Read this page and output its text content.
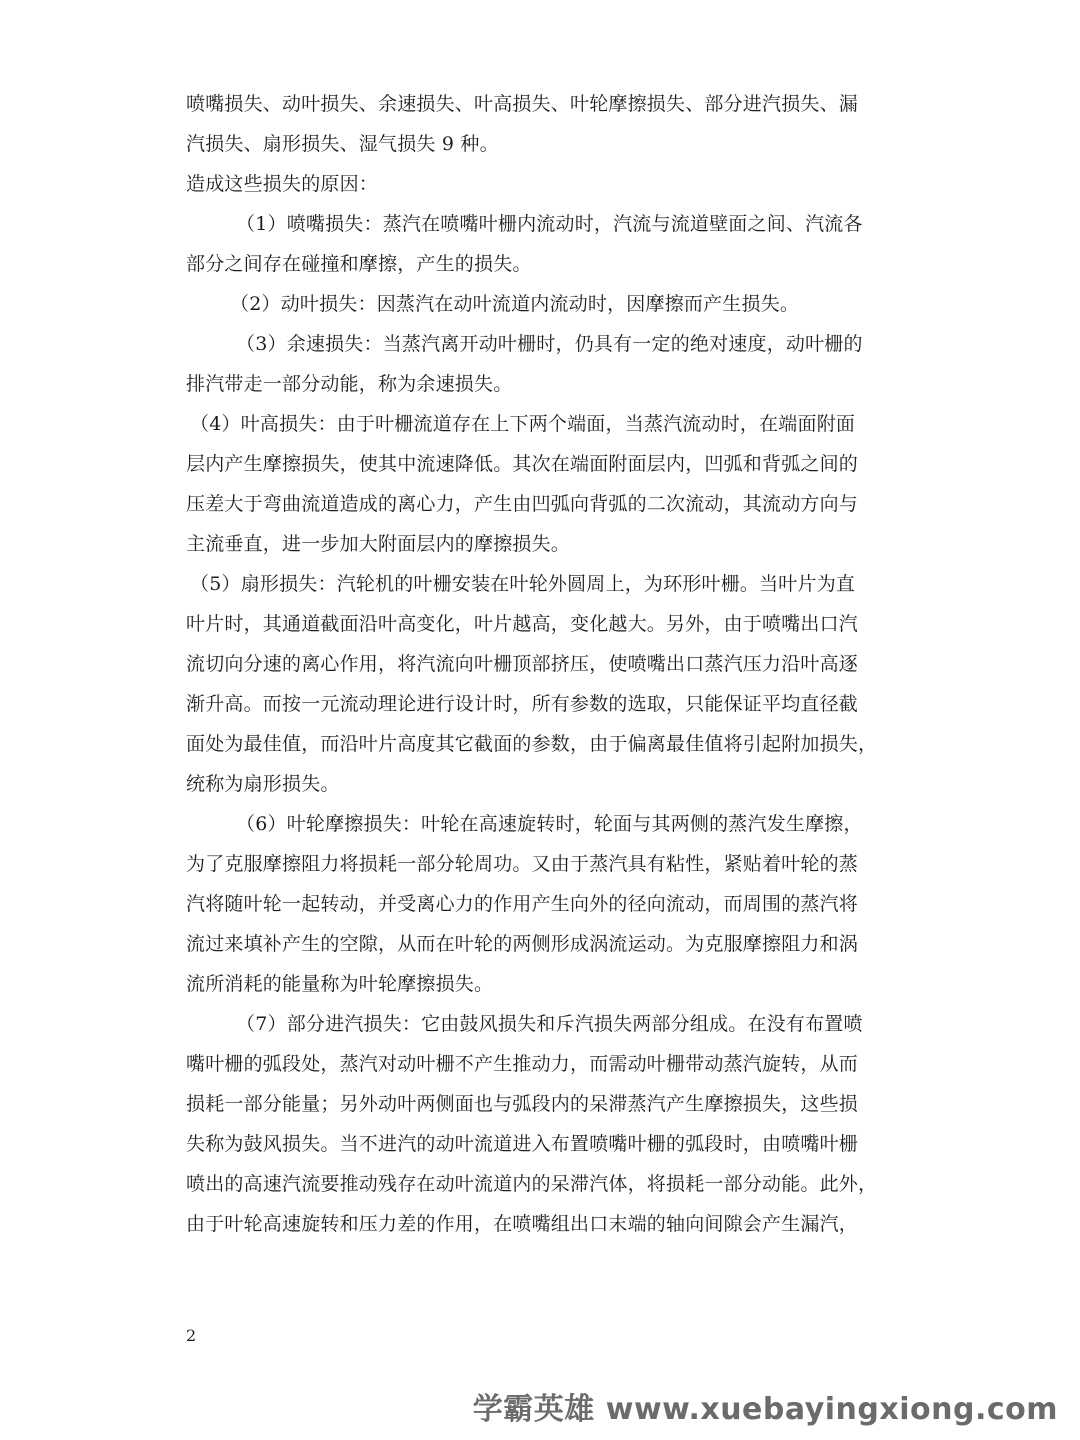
喷嘴损失、动叶损失、余速损失、叶高损失、叶轮摩擦损失、部分进汽损失、漏
汽损失、扇形损失、湿气损失 9 种。
造成这些损失的原因：
（1）喷嘴损失：蒸汽在喷嘴叶栅内流动时，汽流与流道壁面之间、汽流各
部分之间存在碰撞和摩擦，产生的损失。
（2）动叶损失：因蒸汽在动叶流道内流动时，因摩擦而产生损失。
（3）余速损失：当蒸汽离开动叶栅时，仍具有一定的绝对速度，动叶栅的
排汽带走一部分动能，称为余速损失。
（4）叶高损失：由于叶栅流道存在上下两个端面，当蒸汽流动时，在端面附面
层内产生摩擦损失，使其中流速降低。其次在端面附面层内，凹弧和背弧之间的
压差大于弯曲流道造成的离心力，产生由凹弧向背弧的二次流动，其流动方向与
主流垂直，进一步加大附面层内的摩擦损失。
（5）扇形损失：汽轮机的叶栅安装在叶轮外圆周上，为环形叶栅。当叶片为直
叶片时，其通道截面沿叶高变化，叶片越高，变化越大。另外，由于喷嘴出口汽
流切向分速的离心作用，将汽流向叶栅顶部挤压，使喷嘴出口蒸汽压力沿叶高逐
渐升高。而按一元流动理论进行设计时，所有参数的选取，只能保证平均直径截
面处为最佳值，而沿叶片高度其它截面的参数，由于偏离最佳值将引起附加损失，
统称为扇形损失。
（6）叶轮摩擦损失：叶轮在高速旋转时，轮面与其两侧的蒸汽发生摩擦，
为了克服摩擦阻力将损耗一部分轮周功。又由于蒸汽具有粘性，紧贴着叶轮的蒸
汽将随叶轮一起转动，并受离心力的作用产生向外的径向流动，而周围的蒸汽将
流过来填补产生的空隙，从而在叶轮的两侧形成涡流运动。为克服摩擦阻力和涡
流所消耗的能量称为叶轮摩擦损失。
（7）部分进汽损失：它由鼓风损失和斥汽损失两部分组成。在没有布置喷
嘴叶栅的弧段处，蒸汽对动叶栅不产生推动力，而需动叶栅带动蒸汽旋转，从而
损耗一部分能量；另外动叶两侧面也与弧段内的呆滞蒸汽产生摩擦损失，这些损
失称为鼓风损失。当不进汽的动叶流道进入布置喷嘴叶栅的弧段时，由喷嘴叶栅
喷出的高速汽流要推动残存在动叶流道内的呆滞汽体，将损耗一部分动能。此外，
由于叶轮高速旋转和压力差的作用，在喷嘴组出口末端的轴向间隙会产生漏汽，
2
学霸英雄 www.xuebayingxiong.com
